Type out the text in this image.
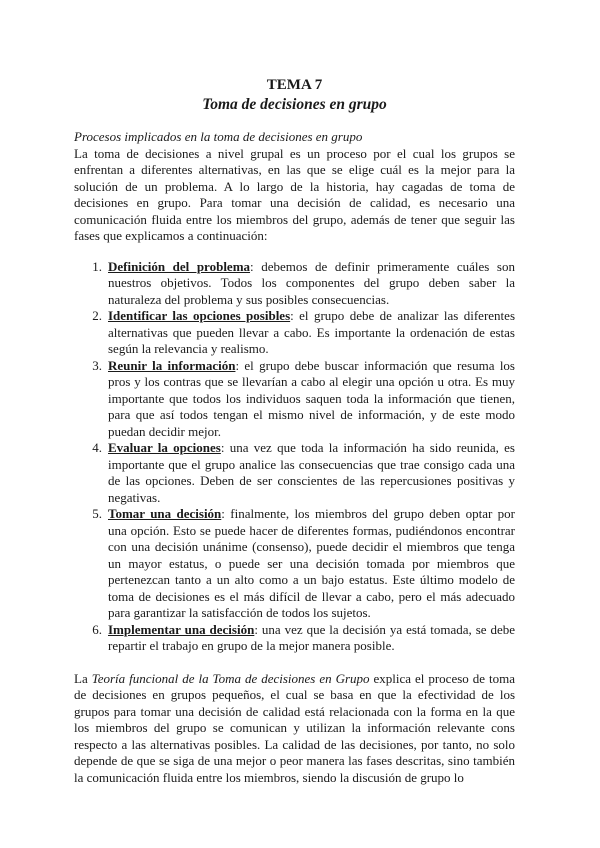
TEMA 7
Toma de decisiones en grupo
Procesos implicados en la toma de decisiones en grupo

La toma de decisiones a nivel grupal es un proceso por el cual los grupos se enfrentan a diferentes alternativas, en las que se elige cuál es la mejor para la solución de un problema. A lo largo de la historia, hay cagadas de toma de decisiones en grupo. Para tomar una decisión de calidad, es necesario una comunicación fluida entre los miembros del grupo, además de tener que seguir las fases que explicamos a continuación:

1. Definición del problema: debemos de definir primeramente cuáles son nuestros objetivos. Todos los componentes del grupo deben saber la naturaleza del problema y sus posibles consecuencias.
2. Identificar las opciones posibles: el grupo debe de analizar las diferentes alternativas que pueden llevar a cabo. Es importante la ordenación de estas según la relevancia y realismo.
3. Reunir la información: el grupo debe buscar información que resuma los pros y los contras que se llevarían a cabo al elegir una opción u otra. Es muy importante que todos los individuos saquen toda la información que tienen, para que así todos tengan el mismo nivel de información, y de este modo puedan decidir mejor.
4. Evaluar la opciones: una vez que toda la información ha sido reunida, es importante que el grupo analice las consecuencias que trae consigo cada una de las opciones. Deben de ser conscientes de las repercusiones positivas y negativas.
5. Tomar una decisión: finalmente, los miembros del grupo deben optar por una opción. Esto se puede hacer de diferentes formas, pudiéndonos encontrar con una decisión unánime (consenso), puede decidir el miembros que tenga un mayor estatus, o puede ser una decisión tomada por miembros que pertenezcan tanto a un alto como a un bajo estatus. Este último modelo de toma de decisiones es el más difícil de llevar a cabo, pero el más adecuado para garantizar la satisfacción de todos los sujetos.
6. Implementar una decisión: una vez que la decisión ya está tomada, se debe repartir el trabajo en grupo de la mejor manera posible.

La Teoría funcional de la Toma de decisiones en Grupo explica el proceso de toma de decisiones en grupos pequeños, el cual se basa en que la efectividad de los grupos para tomar una decisión de calidad está relacionada con la forma en la que los miembros del grupo se comunican y utilizan la información relevante cons respecto a las alternativas posibles. La calidad de las decisiones, por tanto, no solo depende de que se siga de una mejor o peor manera las fases descritas, sino también la comunicación fluida entre los miembros, siendo la discusión de grupo lo
